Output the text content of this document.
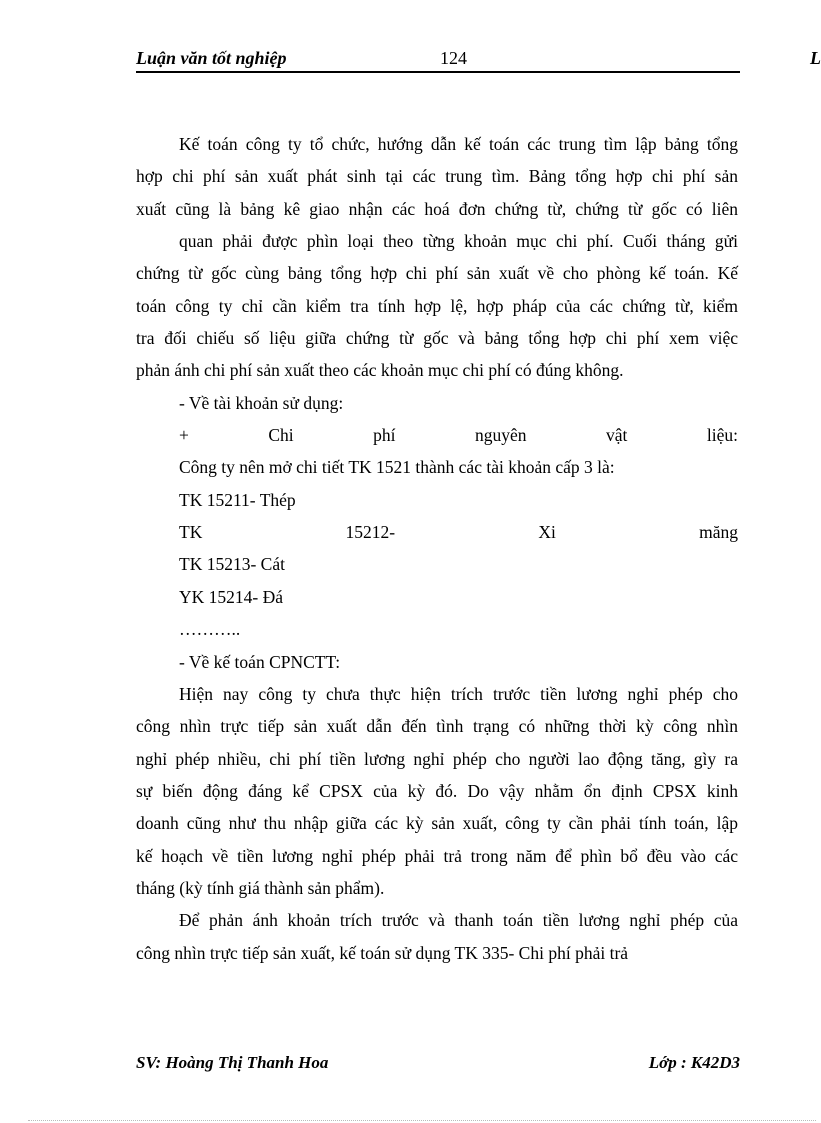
Luận văn tốt nghiệp	124	L
Kế toán công ty tổ chức, hướng dẫn kế toán các trung tìm lập bảng tổng
hợp chi phí sản xuất phát sinh tại các trung tìm. Bảng tổng hợp chi phí sản
xuất cũng là bảng kê giao nhận các hoá đơn chứng từ, chứng từ gốc có liên
quan phải được phìn loại theo từng khoản mục chi phí. Cuối tháng gửi
chứng từ gốc cùng bảng tổng hợp chi phí sản xuất về cho phòng kế toán. Kế
toán công ty chỉ cần kiểm tra tính hợp lệ, hợp pháp của các chứng từ, kiểm
tra đối chiếu số liệu giữa chứng từ gốc và bảng tổng hợp chi phí xem việc
phản ánh chi phí sản xuất theo các khoản mục chi phí có đúng không.
- Về tài khoản sử dụng:
+ Chi phí nguyên vật liệu:
Công ty nên mở chi tiết TK 1521 thành các tài khoản cấp 3 là:
TK 15211- Thép
TK 15212- Xi măng
TK 15213- Cát
YK 15214- Đá
………..
- Về kế toán CPNCTT:
Hiện nay công ty chưa thực hiện trích trước tiền lương nghỉ phép cho
công nhìn trực tiếp sản xuất dẫn đến tình trạng có những thời kỳ công nhìn
nghỉ phép nhiều, chi phí tiền lương nghỉ phép cho người lao động tăng, gìy ra
sự biến động đáng kể CPSX của kỳ đó. Do vậy nhằm ổn định CPSX kinh
doanh cũng như thu nhập giữa các kỳ sản xuất, công ty cần phải tính toán, lập
kế hoạch về tiền lương nghỉ phép phải trả trong năm để phìn bổ đều vào các
tháng (kỳ tính giá thành sản phẩm).
Để phản ánh khoản trích trước và thanh toán tiền lương nghỉ phép của
công nhìn trực tiếp sản xuất, kế toán sử dụng TK 335- Chi phí phải trả
SV: Hoàng Thị Thanh Hoa	Lớp : K42D3
